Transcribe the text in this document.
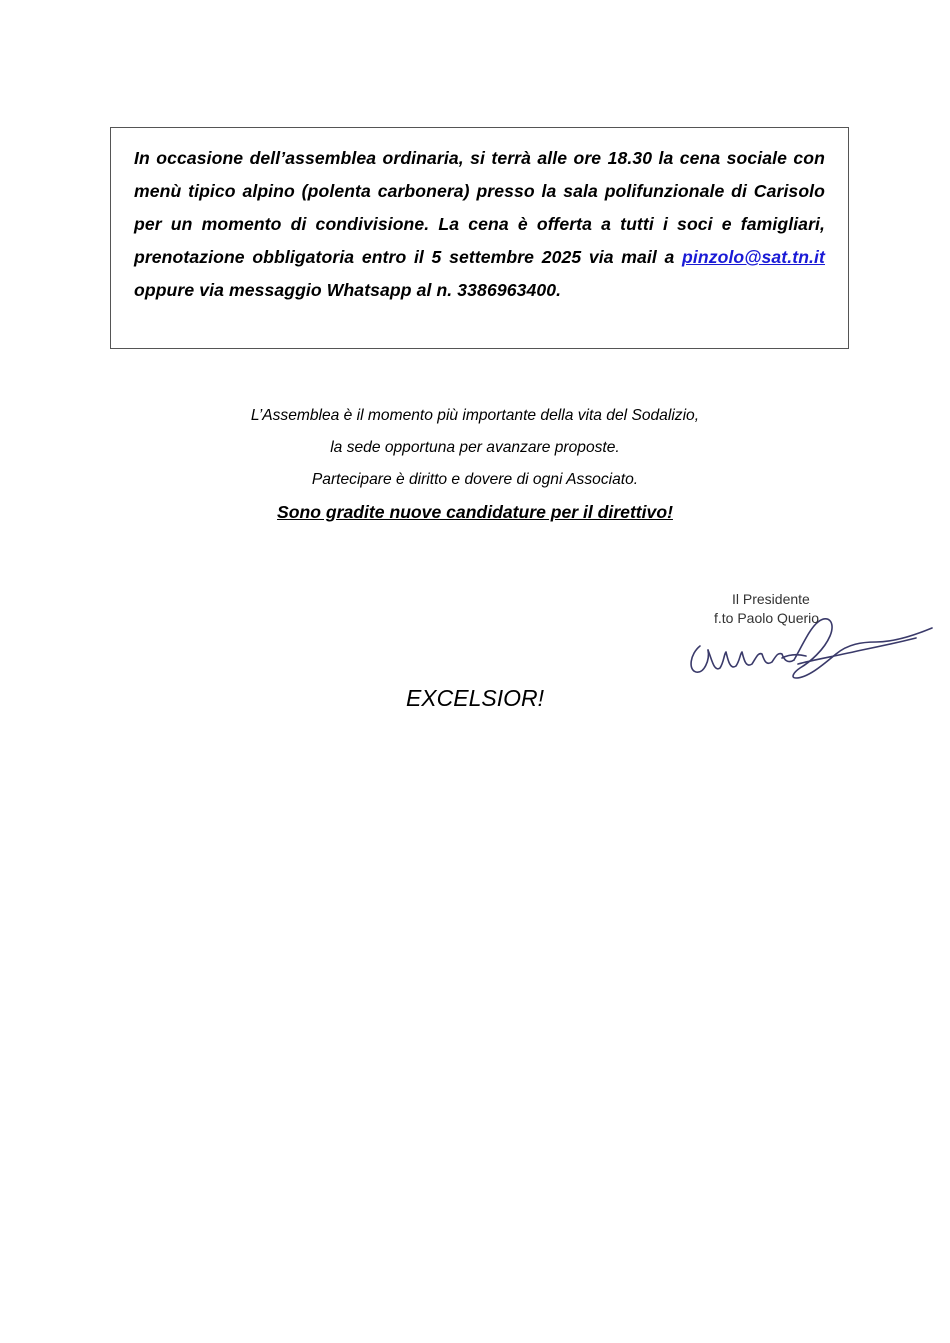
In occasione dell’assemblea ordinaria, si terrà alle ore 18.30 la cena sociale con menù tipico alpino (polenta carbonera) presso la sala polifunzionale di Carisolo per un momento di condivisione. La cena è offerta a tutti i soci e famigliari, prenotazione obbligatoria entro il 5 settembre 2025 via mail a pinzolo@sat.tn.it oppure via messaggio Whatsapp al n. 3386963400.

L’Assemblea è il momento più importante della vita del Sodalizio,

la sede opportuna per avanzare proposte.

Partecipare è diritto e dovere di ogni Associato.

Sono gradite nuove candidature per il direttivo!

Il Presidente
f.to Paolo Querio
EXCELSIOR!
